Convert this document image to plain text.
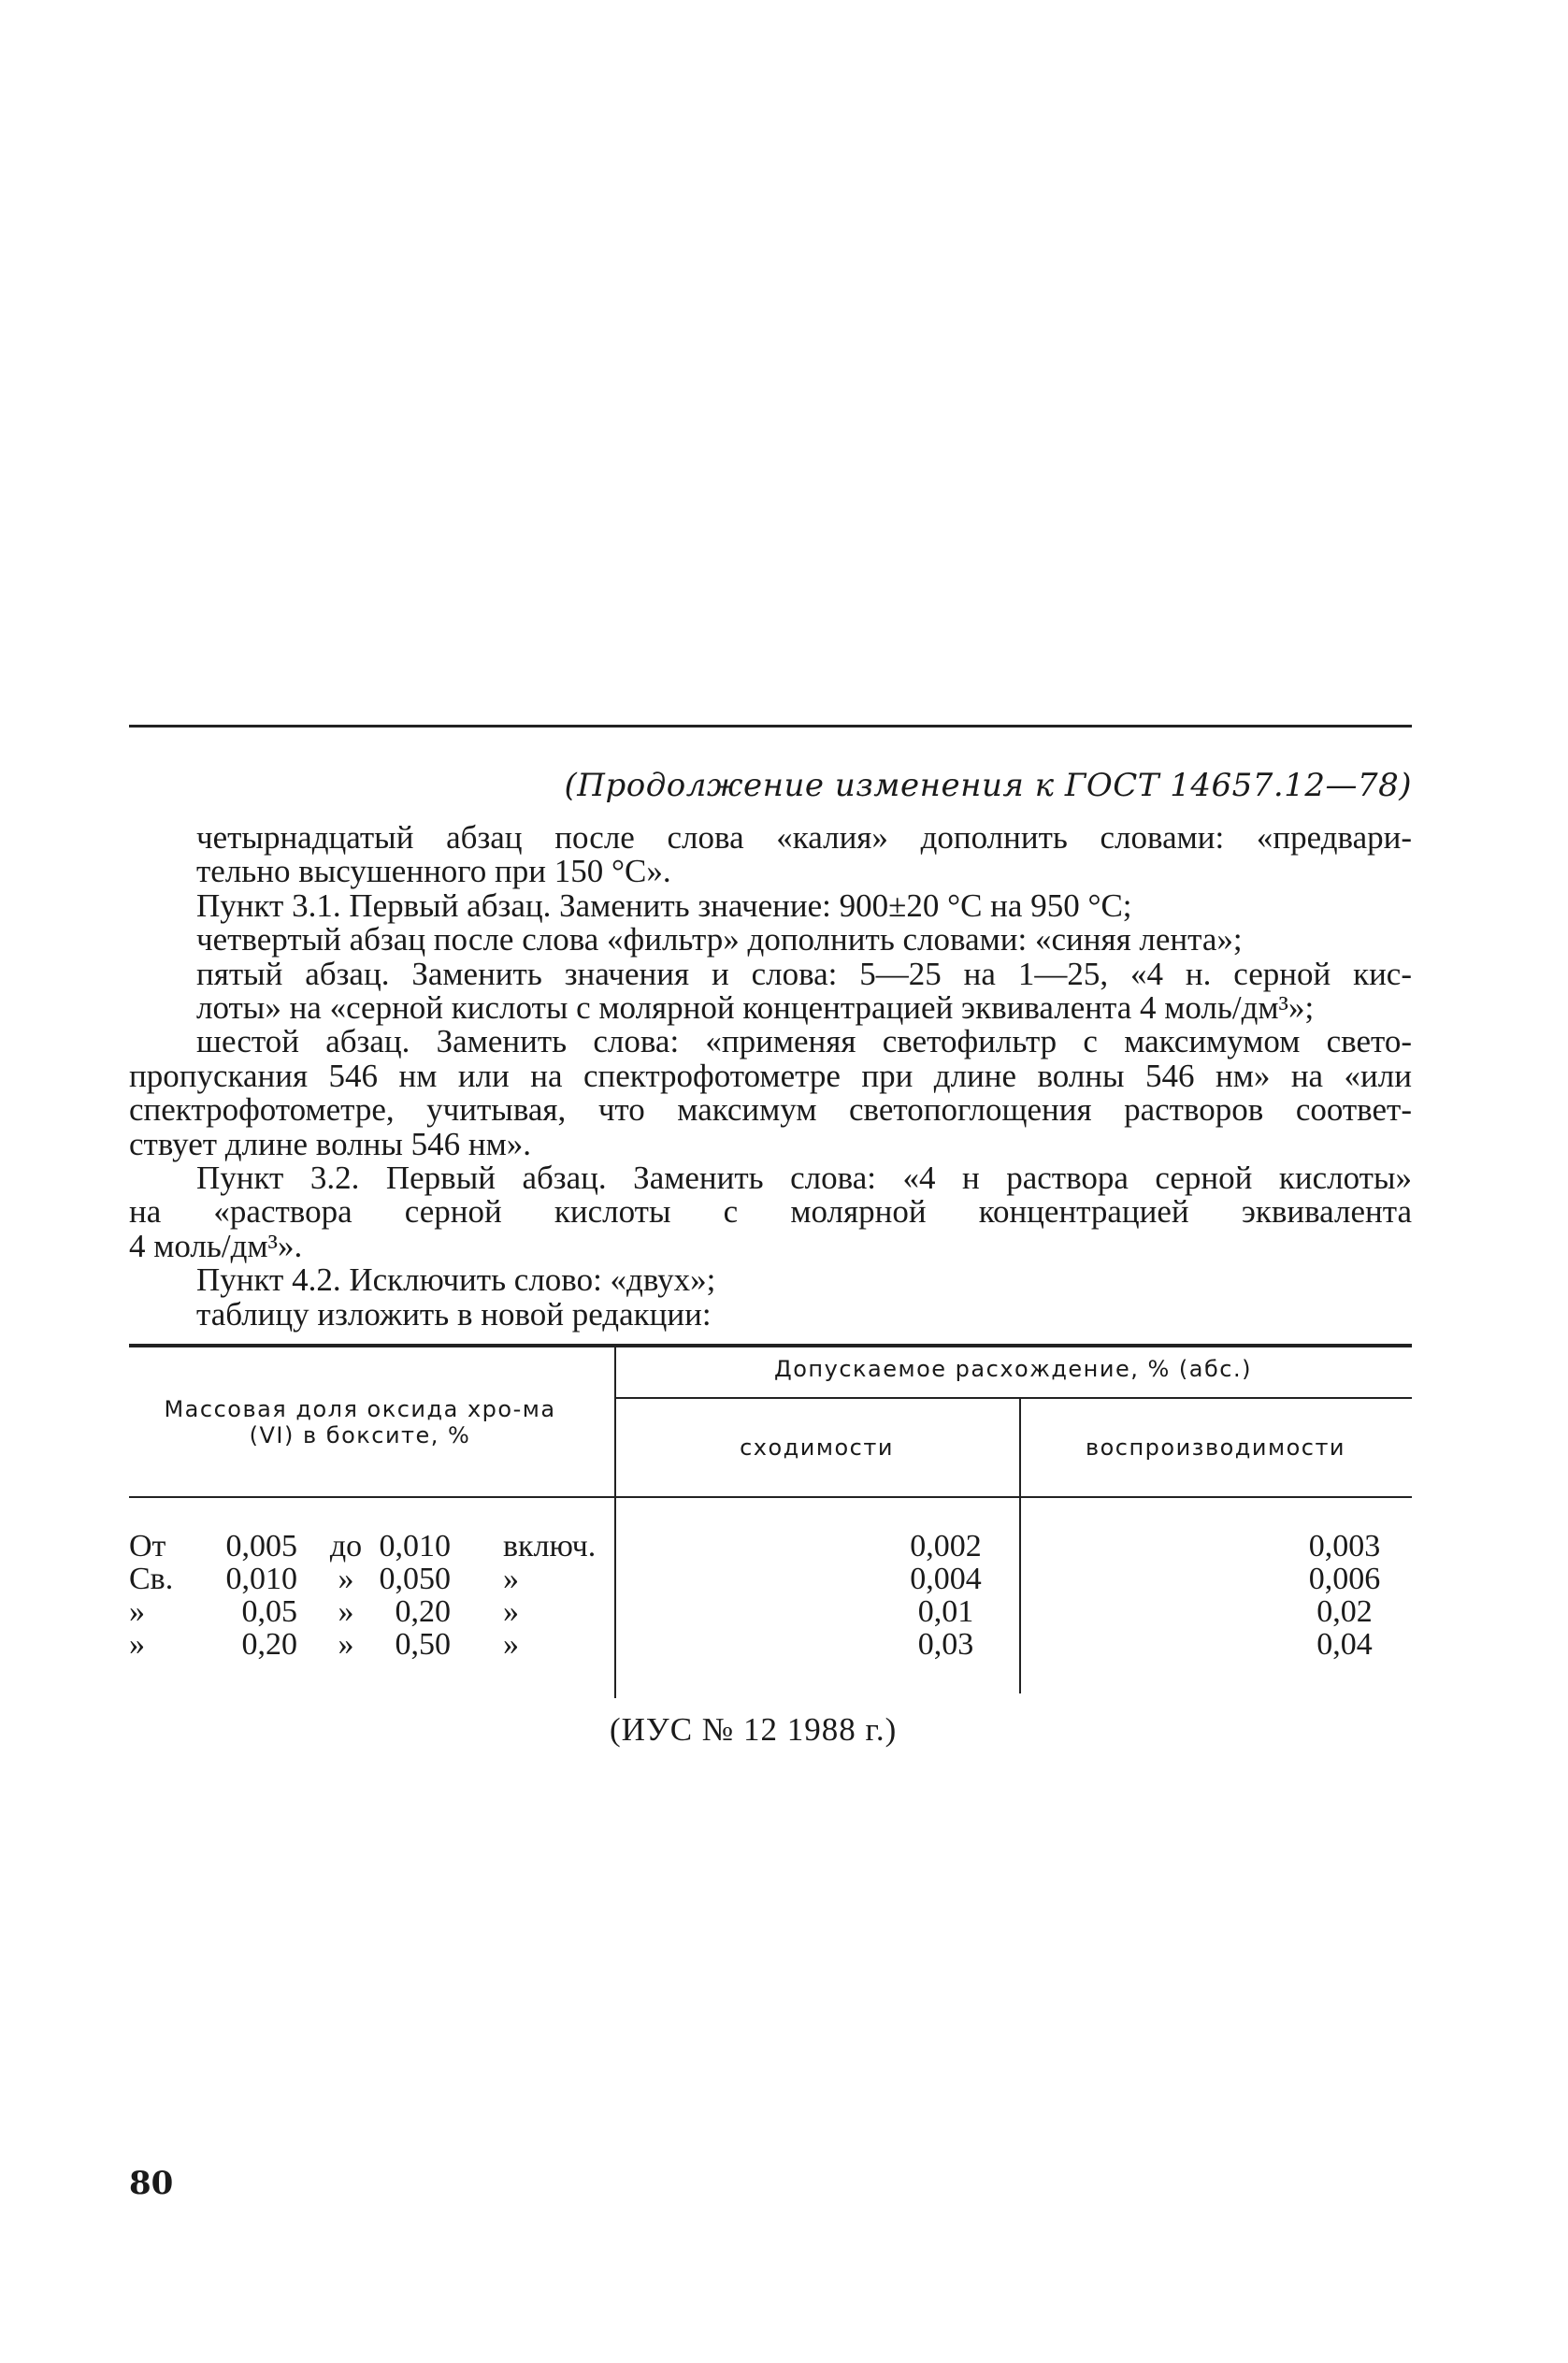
(Продолжение изменения к ГОСТ 14657.12—78)
четырнадцатый абзац после слова «калия» дополнить словами: «предвари-
тельно высушенного при 150 °С».
Пункт 3.1. Первый абзац. Заменить значение: 900±20 °С на 950 °С;
четвертый абзац после слова «фильтр» дополнить словами: «синяя лента»;
пятый абзац. Заменить значения и слова: 5—25 на 1—25, «4 н. серной кис-
лоты» на «серной кислоты с молярной концентрацией эквивалента 4 моль/дм³»;
шестой абзац. Заменить слова: «применяя светофильтр с максимумом свето-
пропускания 546 нм или на спектрофотометре при длине волны 546 нм» на «или
спектрофотометре, учитывая, что максимум светопоглощения растворов соответ-
ствует длине волны 546 нм».
Пункт 3.2. Первый абзац. Заменить слова: «4 н раствора серной кислоты»
на «раствора серной кислоты с молярной концентрацией эквивалента
4 моль/дм³».
Пункт 4.2. Исключить слово: «двух»;
таблицу изложить в новой редакции:
Массовая доля оксида хро-ма (VI) в боксите, %
Допускаемое расхождение, % (абс.)
сходимости	воспроизводимости
От	0,005	до 0,010 включ.	0,002	0,003
Св.	0,010	» 0,050 »	0,004	0,006
»	0,05	»	0,20 »	0,01	0,02
»	0,20	»	0,50 »	0,03	0,04
(ИУС № 12 1988 г.)
80
